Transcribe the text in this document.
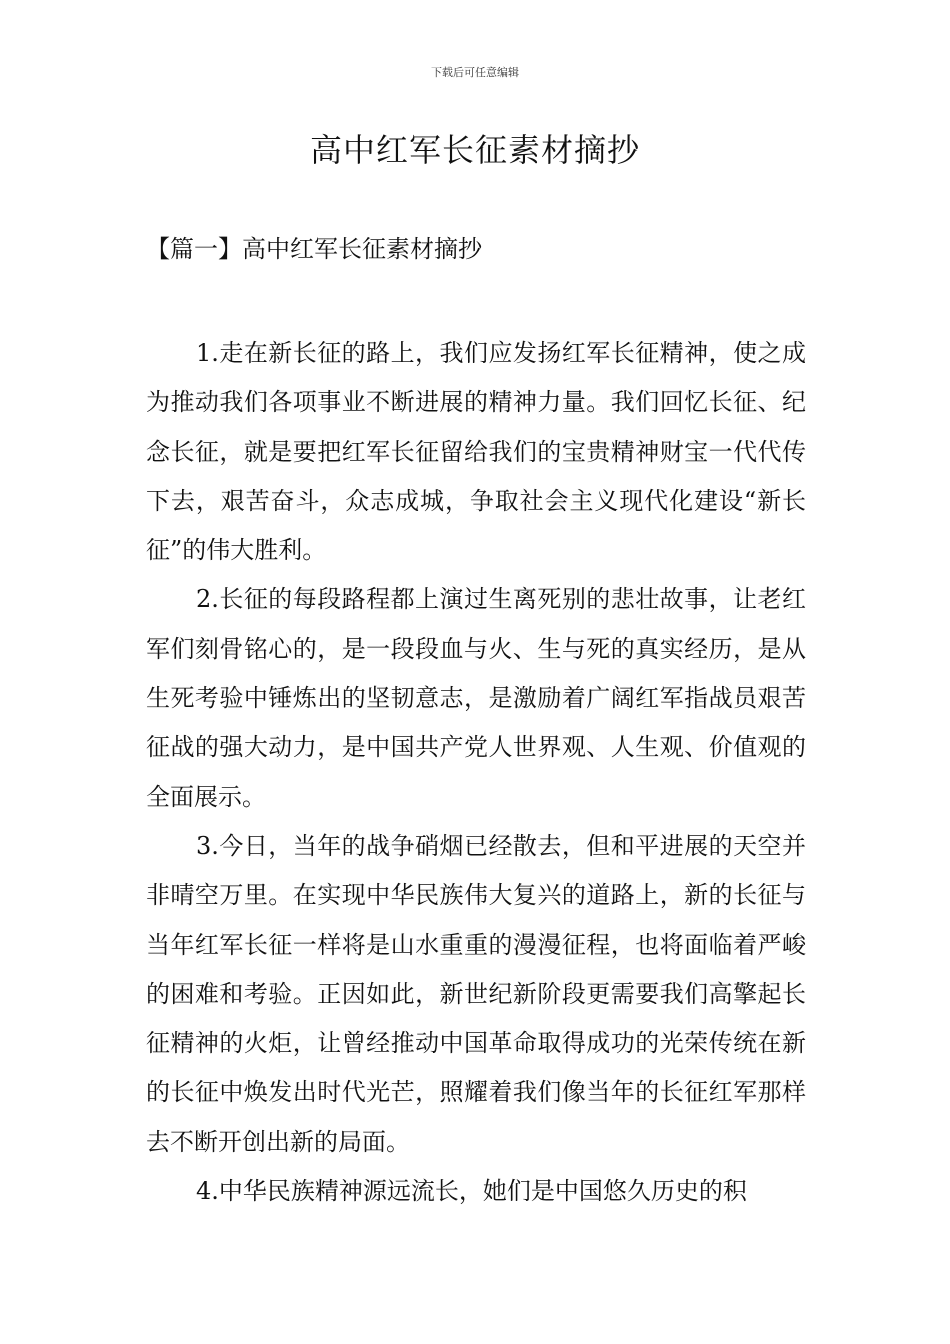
下载后可任意编辑
高中红军长征素材摘抄
【篇一】高中红军长征素材摘抄

1.走在新长征的路上，我们应发扬红军长征精神，使之成为推动我们各项事业不断进展的精神力量。我们回忆长征、纪念长征，就是要把红军长征留给我们的宝贵精神财宝一代代传下去，艰苦奋斗，众志成城，争取社会主义现代化建设“新长征”的伟大胜利。

2.长征的每段路程都上演过生离死别的悲壮故事，让老红军们刻骨铭心的，是一段段血与火、生与死的真实经历，是从生死考验中锤炼出的坚韧意志，是激励着广阔红军指战员艰苦征战的强大动力，是中国共产党人世界观、人生观、价值观的全面展示。

3.今日，当年的战争硝烟已经散去，但和平进展的天空并非晴空万里。在实现中华民族伟大复兴的道路上，新的长征与当年红军长征一样将是山水重重的漫漫征程，也将面临着严峻的困难和考验。正因如此，新世纪新阶段更需要我们高擎起长征精神的火炬，让曾经推动中国革命取得成功的光荣传统在新的长征中焕发出时代光芒，照耀着我们像当年的长征红军那样去不断开创出新的局面。

4.中华民族精神源远流长，她们是中国悠久历史的积
